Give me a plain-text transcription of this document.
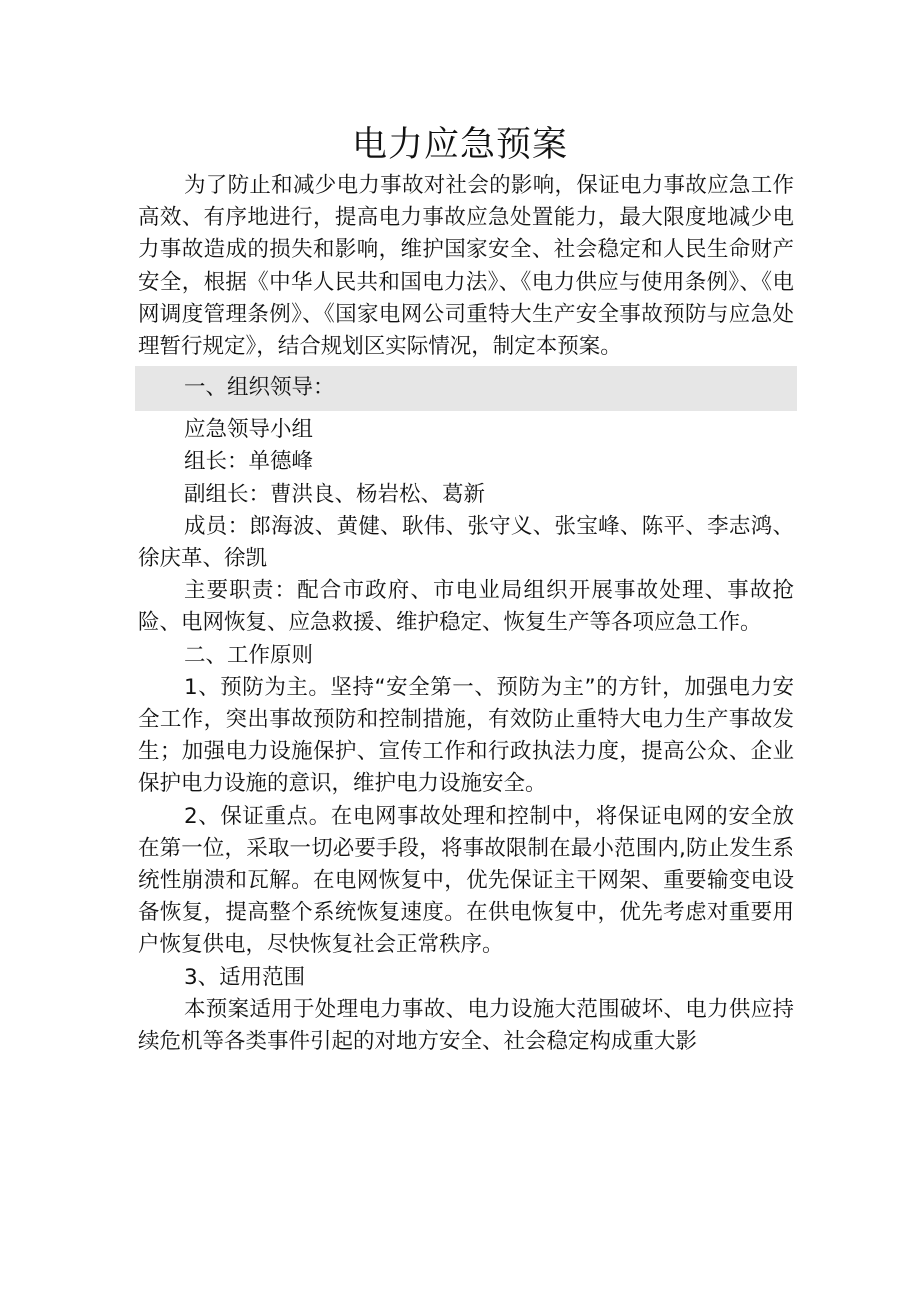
电力应急预案

为了防止和减少电力事故对社会的影响，保证电力事故应急工作高效、有序地进行，提高电力事故应急处置能力，最大限度地减少电力事故造成的损失和影响，维护国家安全、社会稳定和人民生命财产安全，根据《中华人民共和国电力法》、《电力供应与使用条例》、《电网调度管理条例》、《国家电网公司重特大生产安全事故预防与应急处理暂行规定》，结合规划区实际情况，制定本预案。

一、组织领导：

应急领导小组

组长：单德峰

副组长：曹洪良、杨岩松、葛新

成员：郎海波、黄健、耿伟、张守义、张宝峰、陈平、李志鸿、徐庆革、徐凯

主要职责：配合市政府、市电业局组织开展事故处理、事故抢险、电网恢复、应急救援、维护稳定、恢复生产等各项应急工作。

二、工作原则

1、预防为主。坚持“安全第一、预防为主”的方针，加强电力安全工作，突出事故预防和控制措施，有效防止重特大电力生产事故发生；加强电力设施保护、宣传工作和行政执法力度，提高公众、企业保护电力设施的意识，维护电力设施安全。

2、保证重点。在电网事故处理和控制中，将保证电网的安全放在第一位，采取一切必要手段，将事故限制在最小范围内,防止发生系统性崩溃和瓦解。在电网恢复中，优先保证主干网架、重要输变电设备恢复，提高整个系统恢复速度。在供电恢复中，优先考虑对重要用户恢复供电，尽快恢复社会正常秩序。

3、适用范围

本预案适用于处理电力事故、电力设施大范围破坏、电力供应持续危机等各类事件引起的对地方安全、社会稳定构成重大影
